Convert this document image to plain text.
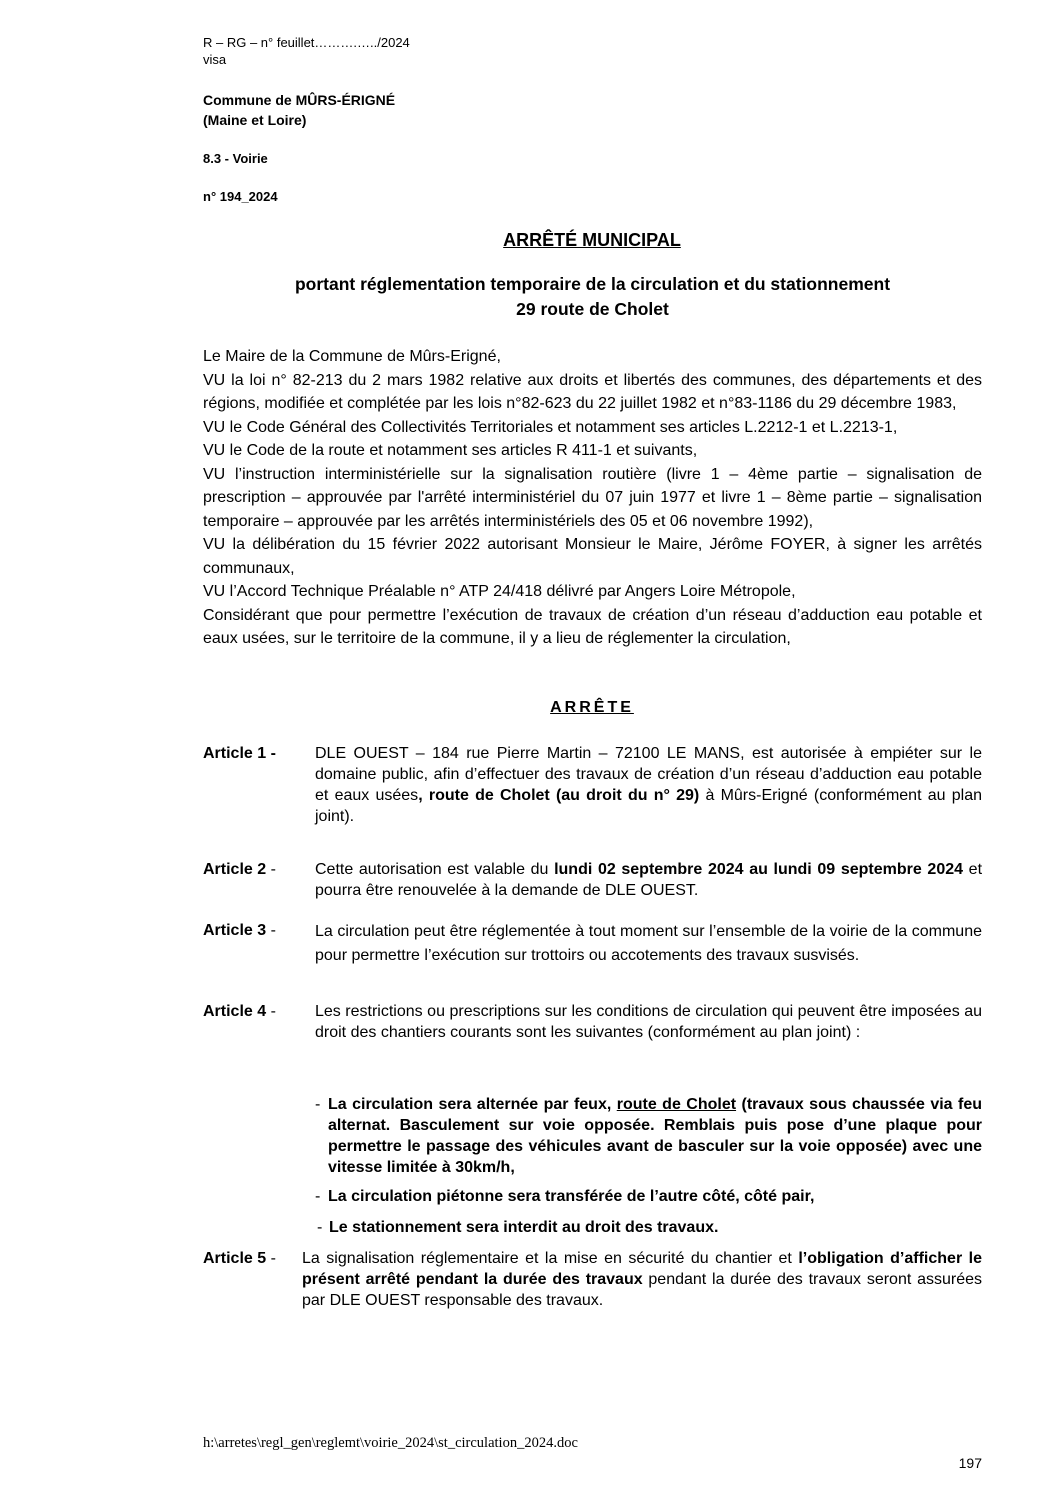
R – RG – n° feuillet……….…../2024
visa
Commune de MÛRS-ÉRIGNÉ
(Maine et Loire)
8.3 - Voirie
n° 194_2024
ARRÊTÉ MUNICIPAL
portant réglementation temporaire de la circulation et du stationnement
29 route de Cholet

Le Maire de la Commune de Mûrs-Erigné,

VU la loi n° 82-213 du 2 mars 1982 relative aux droits et libertés des communes, des départements et des régions, modifiée et complétée par les lois n°82-623 du 22 juillet 1982 et n°83-1186 du 29 décembre 1983,

VU le Code Général des Collectivités Territoriales et notamment ses articles L.2212-1 et L.2213-1,

VU le Code de la route et notamment ses articles R 411-1 et suivants,

VU l’instruction interministérielle sur la signalisation routière (livre 1 – 4ème partie – signalisation de prescription – approuvée par l'arrêté interministériel du 07 juin 1977 et livre 1 – 8ème partie – signalisation temporaire – approuvée par les arrêtés interministériels des 05 et 06 novembre 1992),

VU la délibération du 15 février 2022 autorisant Monsieur le Maire, Jérôme FOYER, à signer les arrêtés communaux,

VU l’Accord Technique Préalable n° ATP 24/418 délivré par Angers Loire Métropole,

Considérant que pour permettre l’exécution de travaux de création d’un réseau d’adduction eau potable et eaux usées, sur le territoire de la commune, il y a lieu de réglementer la circulation,

ARRÊTE
Article 1 - DLE OUEST – 184 rue Pierre Martin – 72100 LE MANS, est autorisée à empiéter sur le domaine public, afin d’effectuer des travaux de création d’un réseau d’adduction eau potable et eaux usées, route de Cholet (au droit du n° 29) à Mûrs-Erigné (conformément au plan joint).
Article 2 - Cette autorisation est valable du lundi 02 septembre 2024 au lundi 09 septembre 2024 et pourra être renouvelée à la demande de DLE OUEST.
Article 3 - La circulation peut être réglementée à tout moment sur l’ensemble de la voirie de la commune pour permettre l’exécution sur trottoirs ou accotements des travaux susvisés.
Article 4 - Les restrictions ou prescriptions sur les conditions de circulation qui peuvent être imposées au droit des chantiers courants sont les suivantes (conformément au plan joint) :
- La circulation sera alternée par feux, route de Cholet (travaux sous chaussée via feu alternat. Basculement sur voie opposée. Remblais puis pose d’une plaque pour permettre le passage des véhicules avant de basculer sur la voie opposée) avec une vitesse limitée à 30km/h,
- La circulation piétonne sera transférée de l’autre côté, côté pair,
- Le stationnement sera interdit au droit des travaux.
Article 5 - La signalisation réglementaire et la mise en sécurité du chantier et l’obligation d’afficher le présent arrêté pendant la durée des travaux pendant la durée des travaux seront assurées par DLE OUEST responsable des travaux.
h:\arretes\regl_gen\reglemt\voirie_2024\st_circulation_2024.doc
197
